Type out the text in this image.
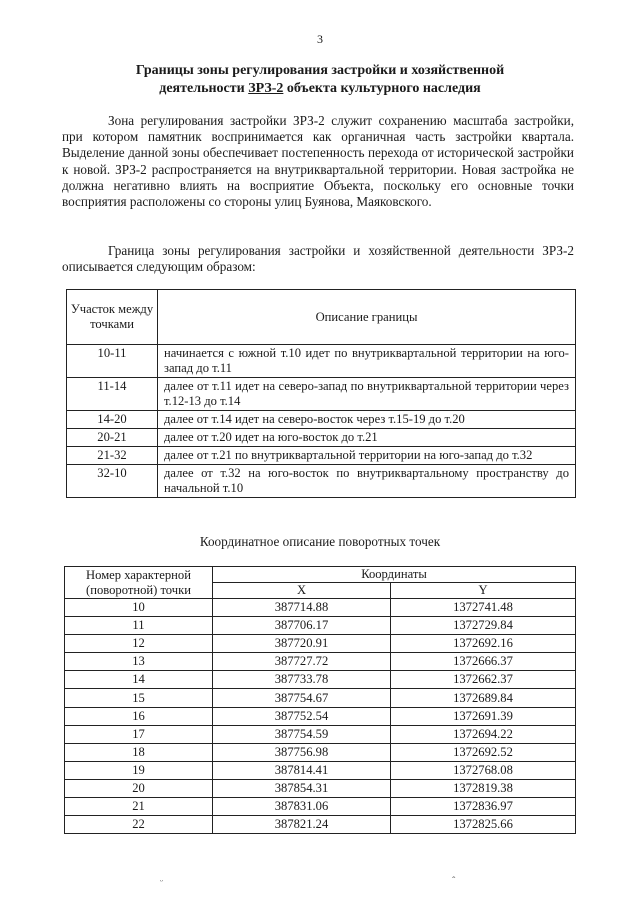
3
Границы зоны регулирования застройки и хозяйственной
деятельности ЗРЗ-2 объекта культурного наследия

Зона регулирования застройки ЗРЗ-2 служит сохранению масштаба застройки, при котором памятник воспринимается как органичная часть застройки квартала. Выделение данной зоны обеспечивает постепенность перехода от исторической застройки к новой. ЗРЗ-2 распространяется на внутриквартальной территории. Новая застройка не должна негативно влиять на восприятие Объекта, поскольку его основные точки восприятия расположены со стороны улиц Буянова, Маяковского.

Граница зоны регулирования застройки и хозяйственной деятельности ЗРЗ-2 описывается следующим образом:

Участок между точками	Описание границы
10-11	начинается с южной т.10 идет по внутриквартальной территории на юго-запад до т.11
11-14	далее от т.11 идет на северо-запад по внутриквартальной территории через т.12-13 до т.14
14-20	далее от т.14 идет на северо-восток через т.15-19 до т.20
20-21	далее от т.20 идет на юго-восток до т.21
21-32	далее от т.21 по внутриквартальной территории на юго-запад до т.32
32-10	далее от т.32 на юго-восток по внутриквартальному пространству до начальной т.10
Координатное описание поворотных точек
Номер характерной (поворотной) точки	Координаты	
	X	Y
10	387714.88	1372741.48
11	387706.17	1372729.84
12	387720.91	1372692.16
13	387727.72	1372666.37
14	387733.78	1372662.37
15	387754.67	1372689.84
16	387752.54	1372691.39
17	387754.59	1372694.22
18	387756.98	1372692.52
19	387814.41	1372768.08
20	387854.31	1372819.38
21	387831.06	1372836.97
22	387821.24	1372825.66
ᵕ	ˆ
